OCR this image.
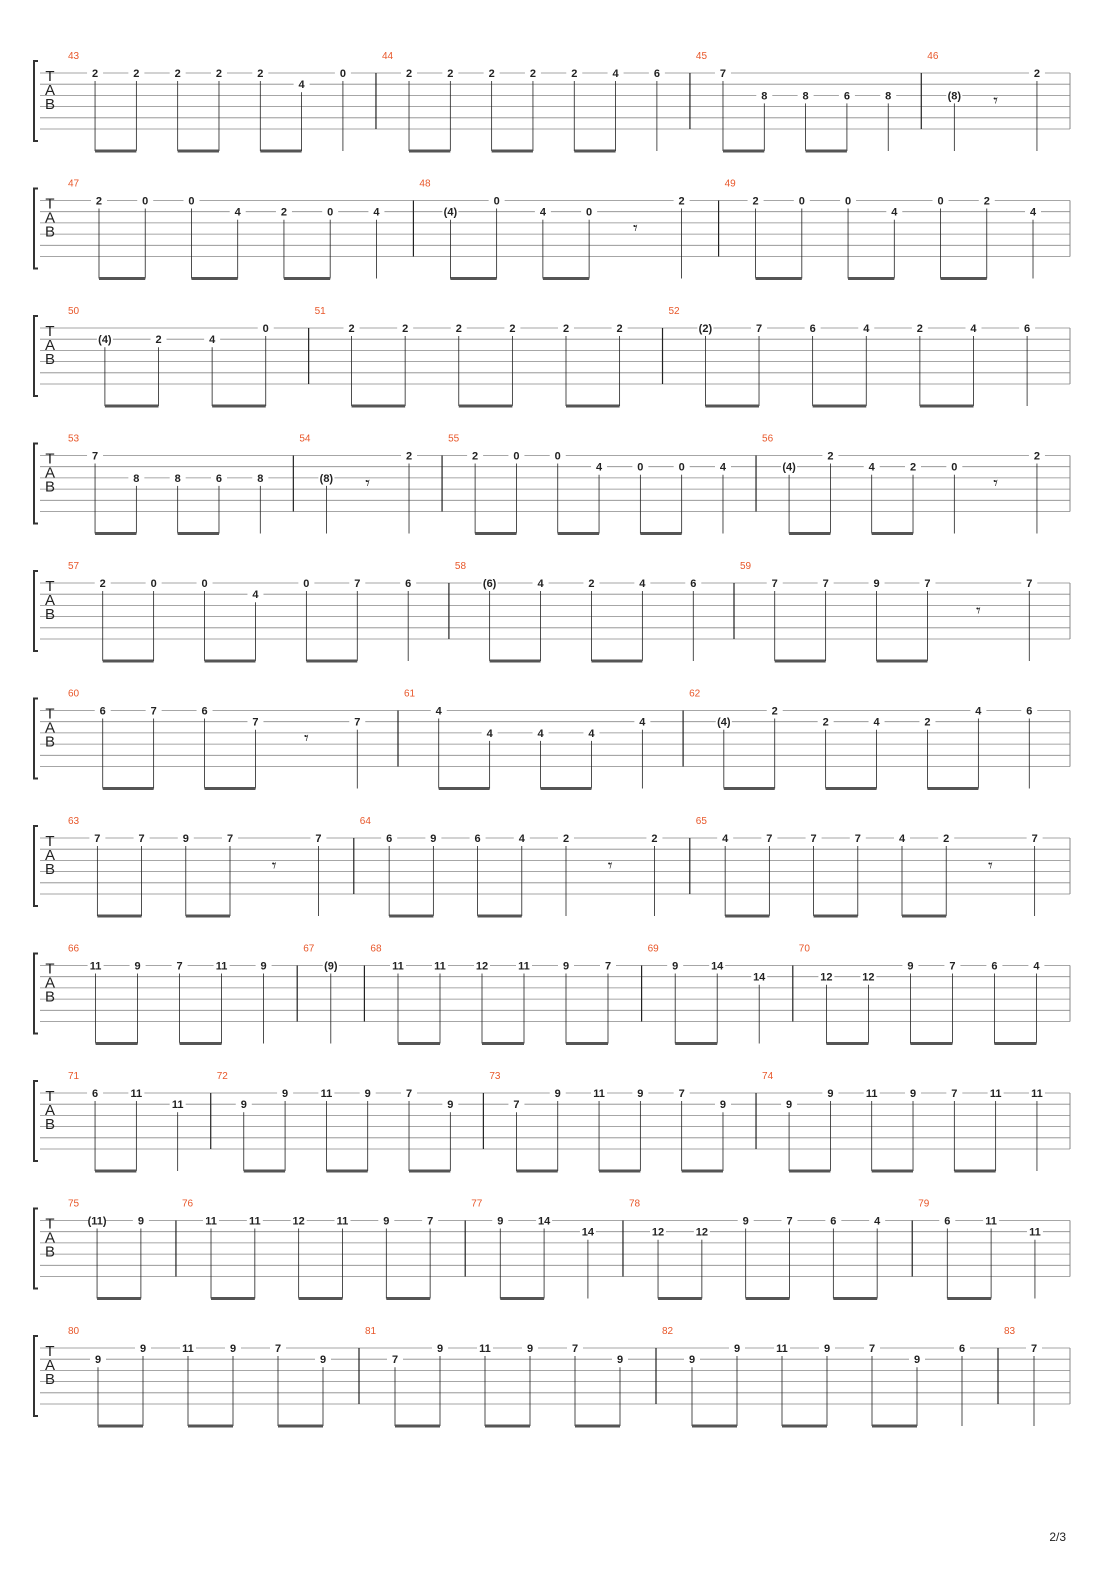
T
A
B
43
2	2	2	2	2
4
0
44
2	2	2	2	2	4	6
45
7
8	8	6	8
46
(8) 𝄾
2
T
A
B
47
2	0	0
4	2	0	4
48
(4)
0
4	0
𝄾
2
49
2	0	0
4
0	2
4
T
A
B
50
(4)	2	4
0
51
2	2	2	2	2	2
52
(2)	7	6	4	2	4	6
T
A
B
53
7
8	8	6	8
54
(8) 𝄾
2
55
2	0	0
4	0	0	4
56
(4)
2
4	2	0
𝄾
2
T
A
B
57
2	0	0
4
0	7	6
58
(6)	4	2	4	6
59
7	7	9	7
𝄾
7
T
A
B
60
6	7	6
7
𝄾
7
61
4
4	4	4
4
62
(4)
2
2	4	2
4	6
T
A
B
63
7	7	9	7
𝄾
7
64
6	9	6	4	2
𝄾
2
65
4	7	7	7	4	2
𝄾
7
T
A
B
66
11	9	7	11	9
67
(9)
68
11	11	12	11	9	7
69
9	14
14
70
12	12
9	7	6	4
T
A
B
71
6	11
11
72
9
9	11	9	7
9
73
7
9	11	9	7
9
74
9
9	11	9	7	11	11
T
A
B
75
(11)	9
76
11	11	12	11	9	7
77
9	14
14
78
12	12
9	7	6	4
79
6	11
11
T
A
B
80
9
9	11	9	7
9
81
7
9	11	9	7
9
82
9
9	11	9	7
9
6
83
7
2/3
